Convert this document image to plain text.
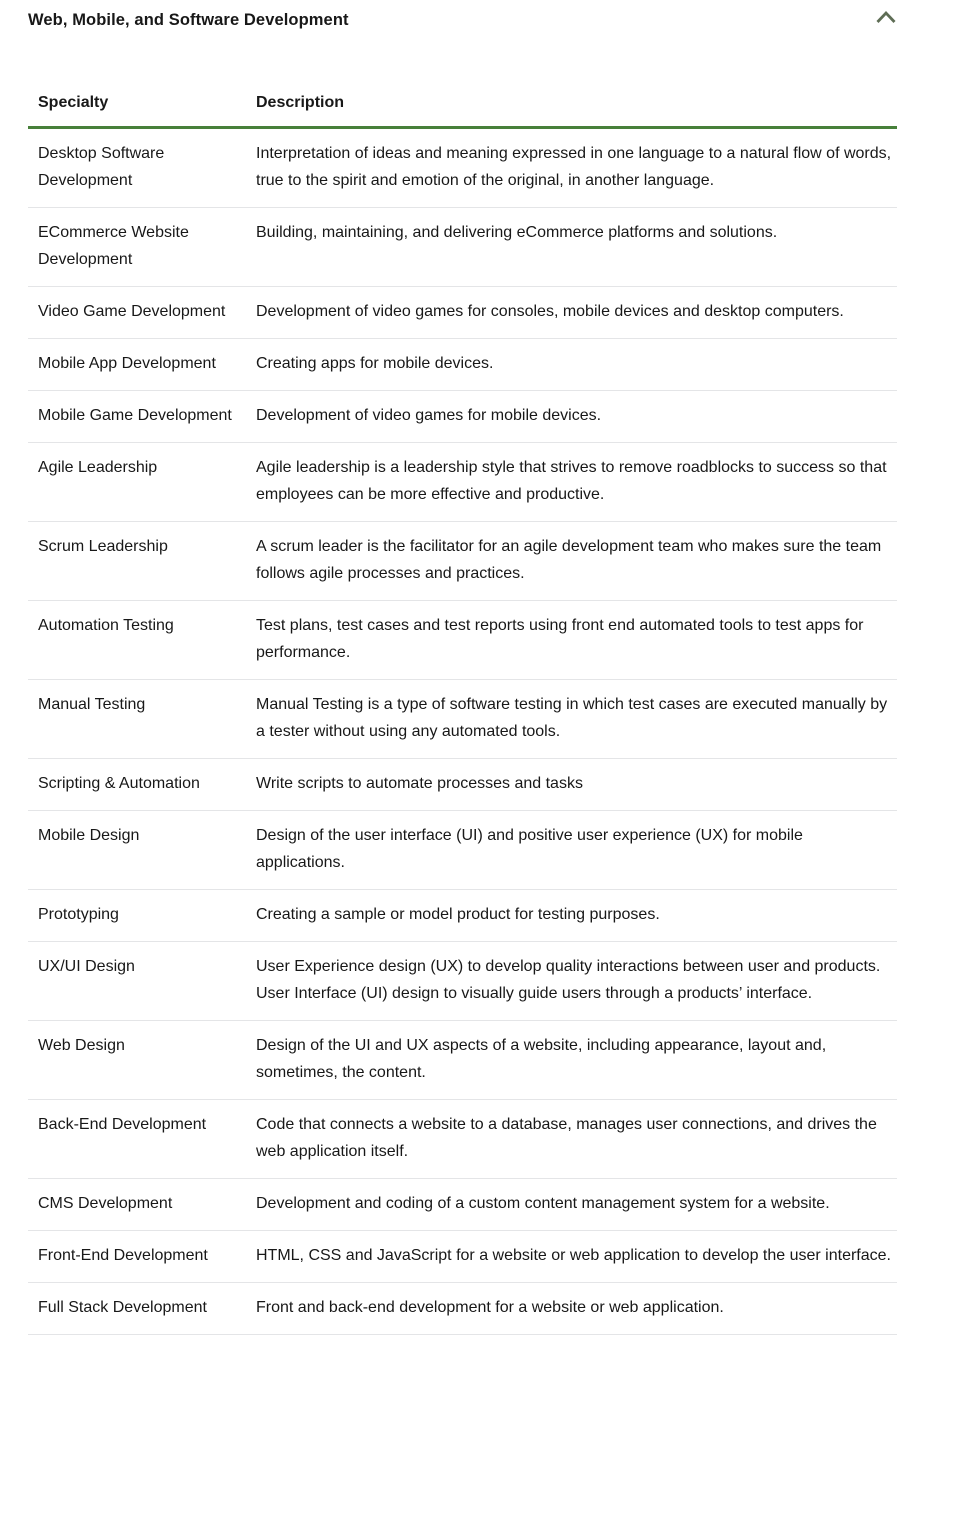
Web, Mobile, and Software Development
Specialty	Description
Desktop Software Development	Interpretation of ideas and meaning expressed in one language to a natural flow of words, true to the spirit and emotion of the original, in another language.
ECommerce Website Development	Building, maintaining, and delivering eCommerce platforms and solutions.
Video Game Development	Development of video games for consoles, mobile devices and desktop computers.
Mobile App Development	Creating apps for mobile devices.
Mobile Game Development	Development of video games for mobile devices.
Agile Leadership	Agile leadership is a leadership style that strives to remove roadblocks to success so that employees can be more effective and productive.
Scrum Leadership	A scrum leader is the facilitator for an agile development team who makes sure the team follows agile processes and practices.
Automation Testing	Test plans, test cases and test reports using front end automated tools to test apps for performance.
Manual Testing	Manual Testing is a type of software testing in which test cases are executed manually by a tester without using any automated tools.
Scripting & Automation	Write scripts to automate processes and tasks
Mobile Design	Design of the user interface (UI) and positive user experience (UX) for mobile applications.
Prototyping	Creating a sample or model product for testing purposes.
UX/UI Design	User Experience design (UX) to develop quality interactions between user and products. User Interface (UI) design to visually guide users through a products’ interface.
Web Design	Design of the UI and UX aspects of a website, including appearance, layout and, sometimes, the content.
Back-End Development	Code that connects a website to a database, manages user connections, and drives the web application itself.
CMS Development	Development and coding of a custom content management system for a website.
Front-End Development	HTML, CSS and JavaScript for a website or web application to develop the user interface.
Full Stack Development	Front and back-end development for a website or web application.
